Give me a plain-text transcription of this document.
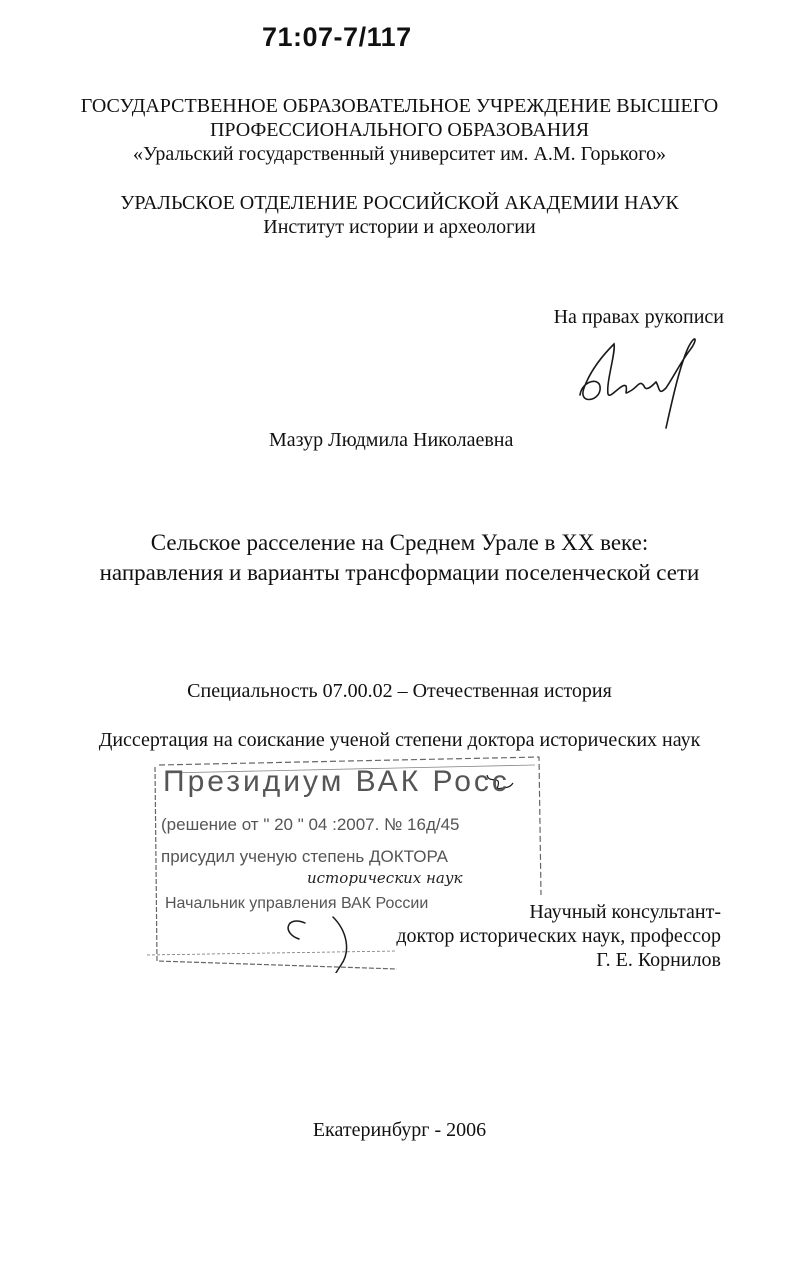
71:07-7/117
ГОСУДАРСТВЕННОЕ ОБРАЗОВАТЕЛЬНОЕ УЧРЕЖДЕНИЕ ВЫСШЕГО
ПРОФЕССИОНАЛЬНОГО ОБРАЗОВАНИЯ
«Уральский государственный университет им. А.М. Горького»
УРАЛЬСКОЕ ОТДЕЛЕНИЕ РОССИЙСКОЙ АКАДЕМИИ НАУК
Институт истории и археологии
На правах рукописи
Мазур Людмила Николаевна
Сельское расселение на Среднем Урале в XX веке:
направления и варианты трансформации поселенческой сети
Специальность 07.00.02 – Отечественная история
Диссертация на соискание ученой степени доктора исторических наук
Президиум ВАК Росс
(решение от " 20 " 04 :2007. № 16д/45
присудил ученую степень ДОКТОРА
исторических наук
Начальник управления ВАК России	Научный консультант-
доктор исторических наук, профессор
Г. Е. Корнилов
Екатеринбург - 2006
